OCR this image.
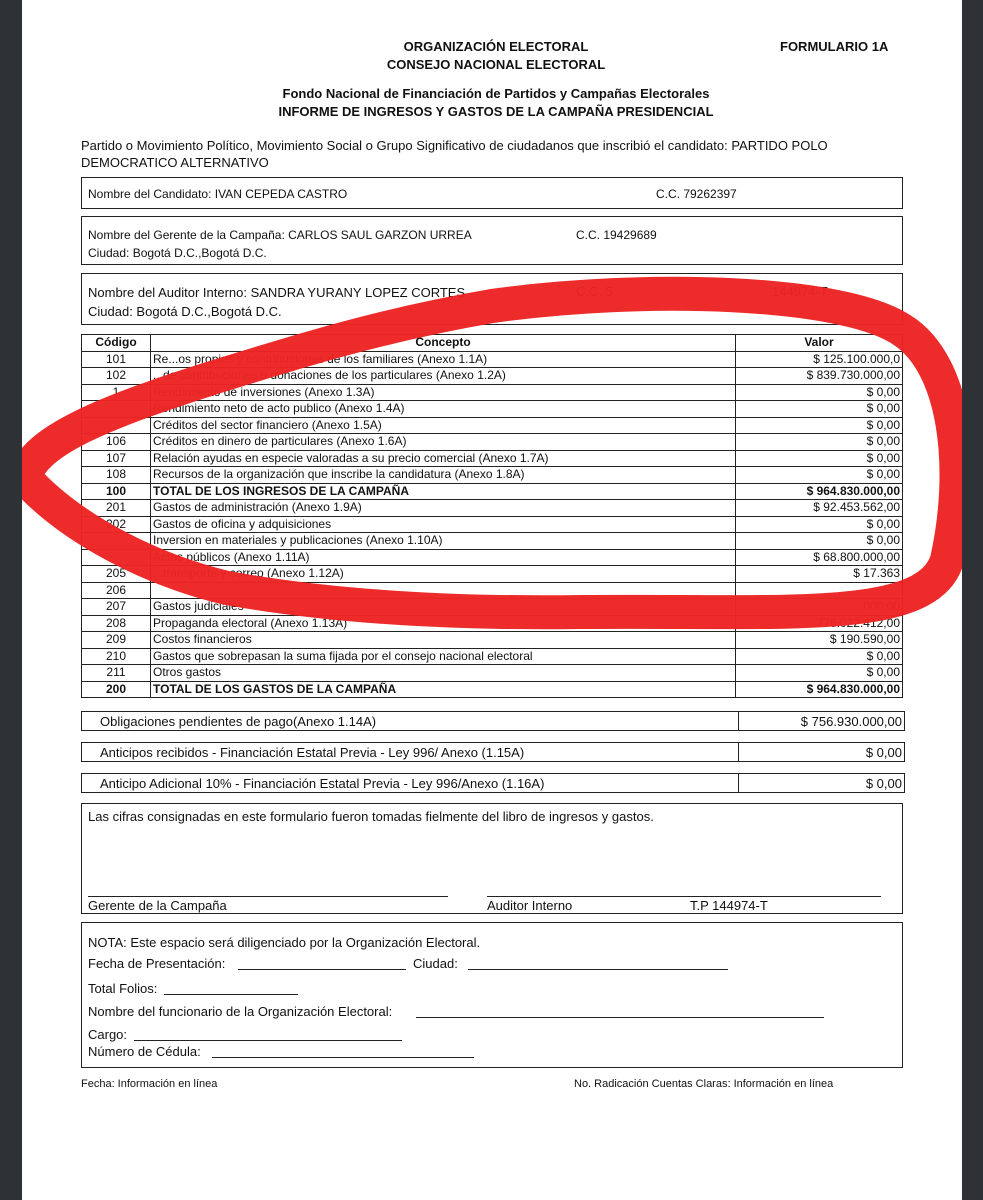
ORGANIZACIÓN ELECTORAL
CONSEJO NACIONAL ELECTORAL
FORMULARIO 1A
Fondo Nacional de Financiación de Partidos y Campañas Electorales
INFORME DE INGRESOS Y GASTOS DE LA CAMPAÑA PRESIDENCIAL
Partido o Movimiento Político, Movimiento Social o Grupo Significativo de ciudadanos que inscribió el candidato: PARTIDO POLO
DEMOCRATICO ALTERNATIVO
Nombre del Candidato: IVAN CEPEDA CASTRO	C.C. 79262397
Nombre del Gerente de la Campaña: CARLOS SAUL GARZON URREA	C.C. 19429689
Ciudad: Bogotá D.C.,Bogotá D.C.
Nombre del Auditor Interno: SANDRA YURANY LOPEZ CORTES	C.C. 5	144974-T
Ciudad: Bogotá D.C.,Bogotá D.C.
Código	Concepto	Valor
101	Re...os propios y contribuciones de los familiares (Anexo 1.1A)	$ 125.100.000,0
102	...de contribuciones o donaciones de los particulares (Anexo 1.2A)	$ 839.730.000,00
1	Rendimiento de inversiones (Anexo 1.3A)	$ 0,00
	Rendimiento neto de acto publico (Anexo 1.4A)	$ 0,00
	Créditos del sector financiero (Anexo 1.5A)	$ 0,00
106	Créditos en dinero de particulares (Anexo 1.6A)	$ 0,00
107	Relación ayudas en especie valoradas a su precio comercial (Anexo 1.7A)	$ 0,00
108	Recursos de la organización que inscribe la candidatura (Anexo 1.8A)	$ 0,00
100	TOTAL DE LOS INGRESOS DE LA CAMPAÑA	$ 964.830.000,00
201	Gastos de administración (Anexo 1.9A)	$ 92.453.562,00
202	Gastos de oficina y adquisiciones	$ 0,00
	Inversion en materiales y publicaciones (Anexo 1.10A)	$ 0,00
	Actos públicos (Anexo 1.11A)	$ 68.800.000,00
205	...transporte y correo (Anexo 1.12A)	$ 17.363
206		
207	Gastos judiciales	000,00
208	Propaganda electoral (Anexo 1.13A)	776.022.412,00
209	Costos financieros	$ 190.590,00
210	Gastos que sobrepasan la suma fijada por el consejo nacional electoral	$ 0,00
211	Otros gastos	$ 0,00
200	TOTAL DE LOS GASTOS DE LA CAMPAÑA	$ 964.830.000,00
Obligaciones pendientes de pago(Anexo 1.14A)	$ 756.930.000,00
Anticipos recibidos - Financiación Estatal Previa - Ley 996/ Anexo (1.15A)	$ 0,00
Anticipo Adicional 10% - Financiación Estatal Previa - Ley 996/Anexo (1.16A)	$ 0,00
Las cifras consignadas en este formulario fueron tomadas fielmente del libro de ingresos y gastos.
Gerente de la Campaña	Auditor Interno	T.P 144974-T
NOTA: Este espacio será diligenciado por la Organización Electoral.
Fecha de Presentación:	Ciudad:
Total Folios:
Nombre del funcionario de la Organización Electoral:
Cargo:
Número de Cédula:
Fecha: Información en línea	No. Radicación Cuentas Claras: Información en línea
